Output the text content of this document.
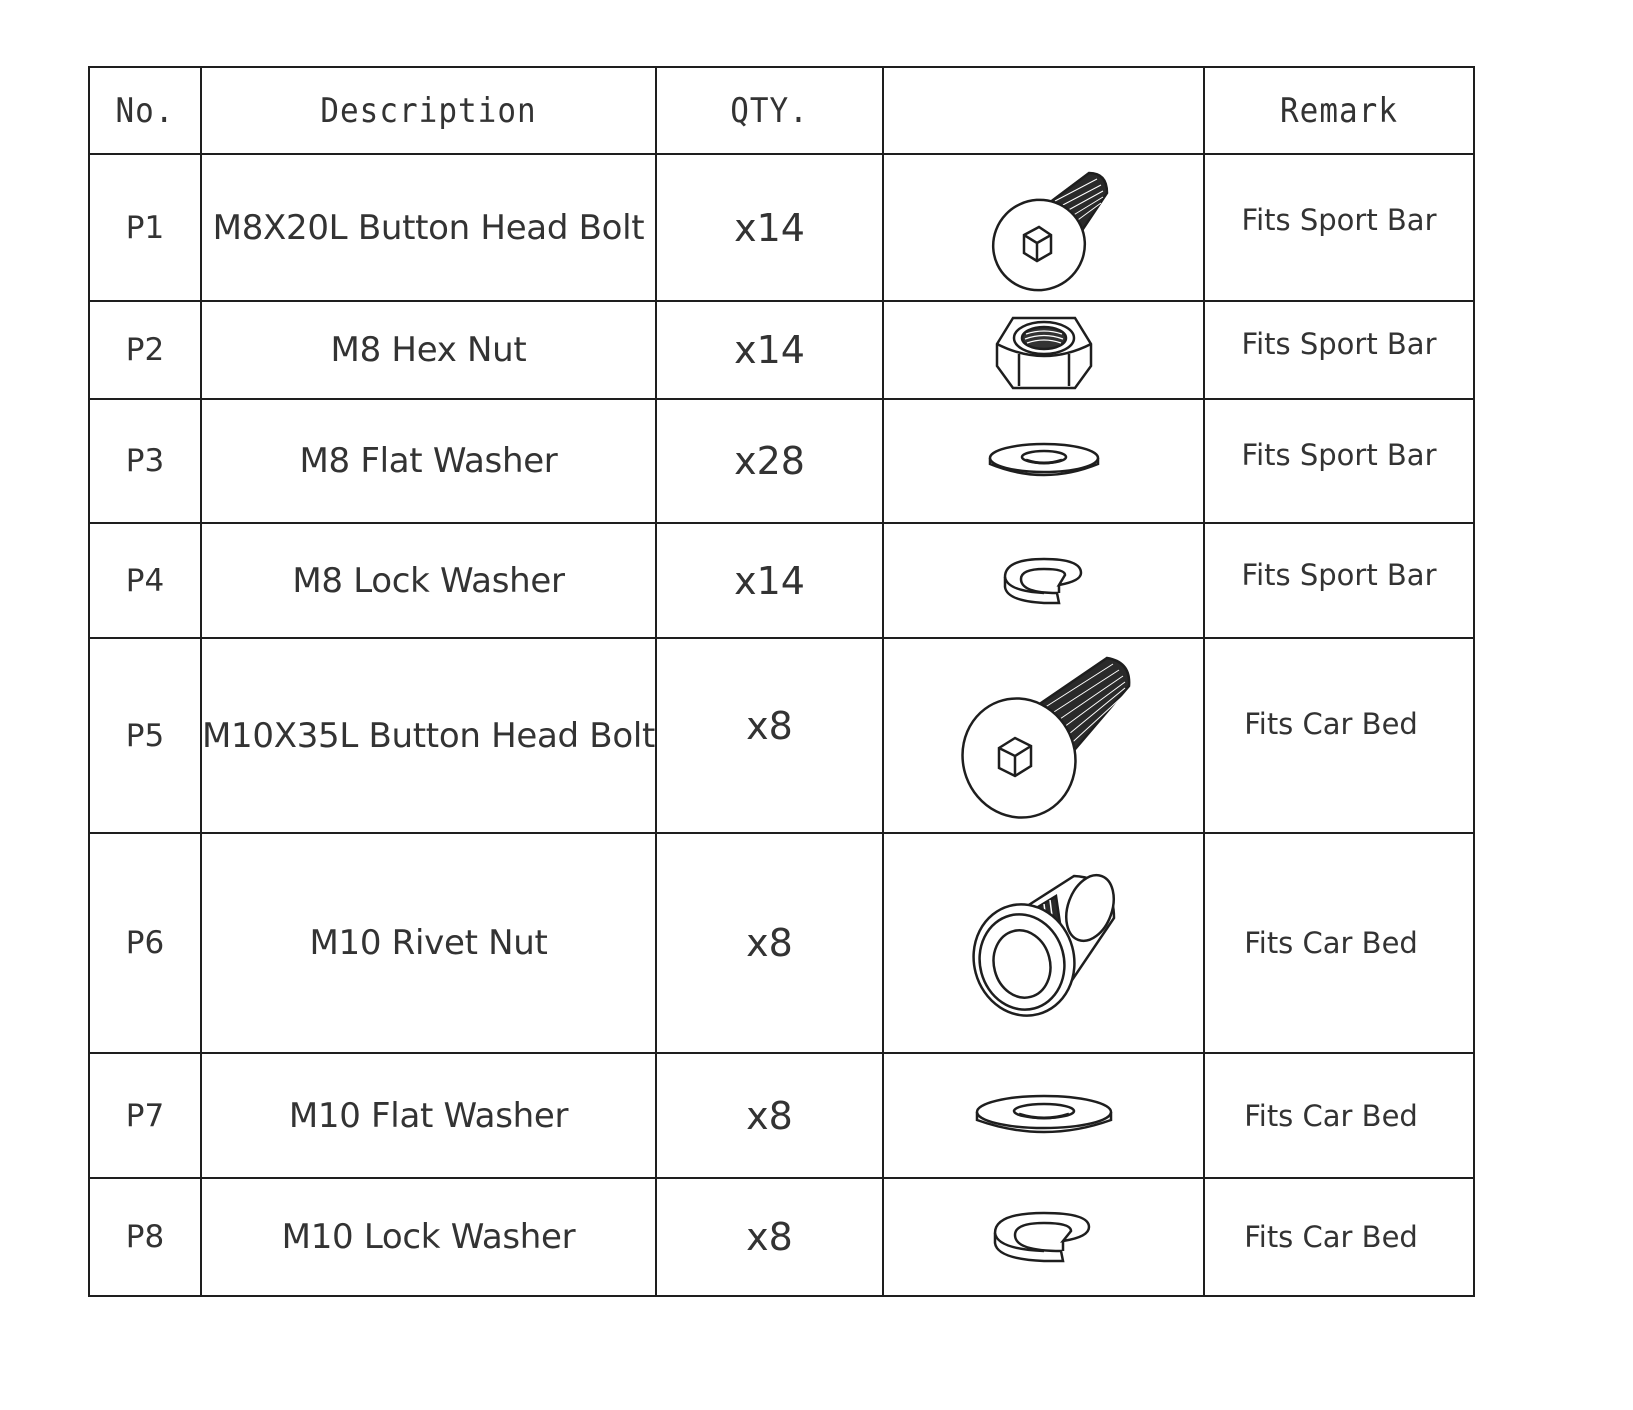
No.	Description	QTY.		Remark
P1	M8X20L Button Head Bolt	x14		Fits Sport Bar
P2	M8 Hex Nut	x14		Fits Sport Bar
P3	M8 Flat Washer	x28		Fits Sport Bar
P4	M8 Lock Washer	x14		Fits Sport Bar
P5	M10X35L Button Head Bolt	x8		Fits Car Bed
P6	M10 Rivet Nut	x8		Fits Car Bed
P7	M10 Flat Washer	x8		Fits Car Bed
P8	M10 Lock Washer	x8		Fits Car Bed
